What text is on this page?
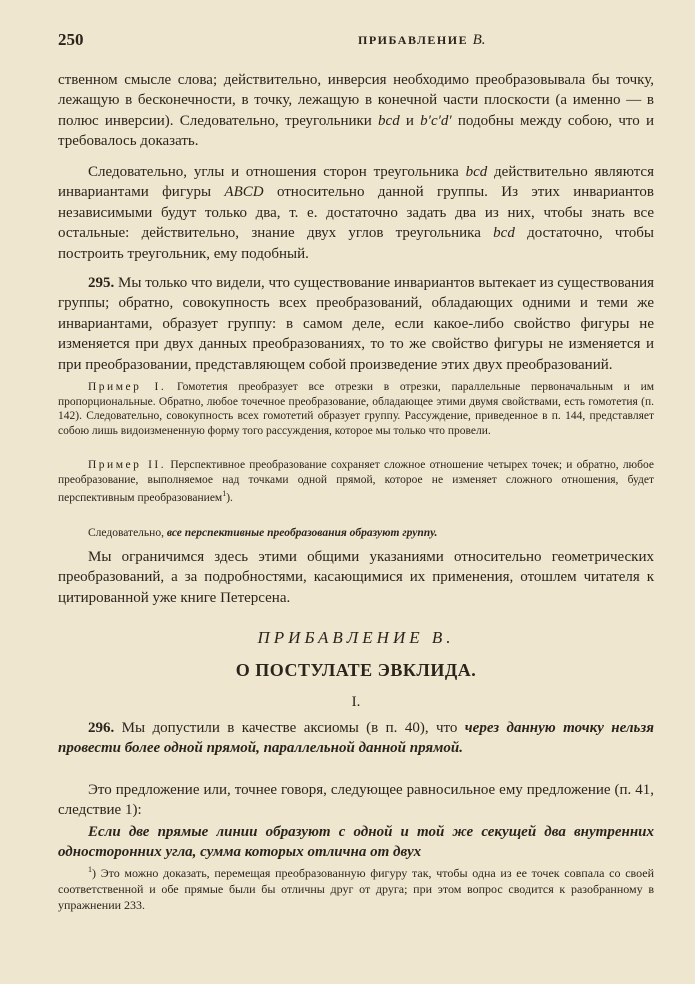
250	ПРИБАВЛЕНИЕ B.

ственном смысле слова; действительно, инверсия необходимо преобразовывала бы точку, лежащую в бесконечности, в точку, лежащую в конечной части плоскости (а именно — в полюс инверсии). Следовательно, треугольники bcd и b′c′d′ подобны между собою, что и требовалось доказать.

Следовательно, углы и отношения сторон треугольника bcd действительно являются инвариантами фигуры ABCD относительно данной группы. Из этих инвариантов независимыми будут только два, т. е. достаточно задать два из них, чтобы знать все остальные: действительно, знание двух углов треугольника bcd достаточно, чтобы построить треугольник, ему подобный.

295. Мы только что видели, что существование инвариантов вытекает из существования группы; обратно, совокупность всех преобразований, обладающих одними и теми же инвариантами, образует группу: в самом деле, если какое-либо свойство фигуры не изменяется при двух данных преобразованиях, то то же свойство фигуры не изменяется и при преобразовании, представляющем собой произведение этих двух преобразований.

Пример I. Гомотетия преобразует все отрезки в отрезки, параллельные первоначальным и им пропорциональные. Обратно, любое точечное преобразование, обладающее этими двумя свойствами, есть гомотетия (п. 142). Следовательно, совокупность всех гомотетий образует группу. Рассуждение, приведенное в п. 144, представляет собою лишь видоизмененную форму того рассуждения, которое мы только что провели.

Пример II. Перспективное преобразование сохраняет сложное отношение четырех точек; и обратно, любое преобразование, выполняемое над точками одной прямой, которое не изменяет сложного отношения, будет перспективным преобразованием$^1$).

Следовательно, все перспективные преобразования образуют группу.

Мы ограничимся здесь этими общими указаниями относительно геометрических преобразований, а за подробностями, касающимися их применения, отошлем читателя к цитированной уже книге Петерсена.

ПРИБАВЛЕНИЕ B.
О ПОСТУЛАТЕ ЭВКЛИДА.
I.

296. Мы допустили в качестве аксиомы (в п. 40), что через данную точку нельзя провести более одной прямой, параллельной данной прямой.

Это предложение или, точнее говоря, следующее равносильное ему предложение (п. 41, следствие 1):

Если две прямые линии образуют с одной и той же секущей два внутренних односторонних угла, сумма которых отлична от двух

$^1$) Это можно доказать, перемещая преобразованную фигуру так, чтобы одна из ее точек совпала со своей соответственной и обе прямые были бы отличны друг от друга; при этом вопрос сводится к разобранному в упражнении 233.
